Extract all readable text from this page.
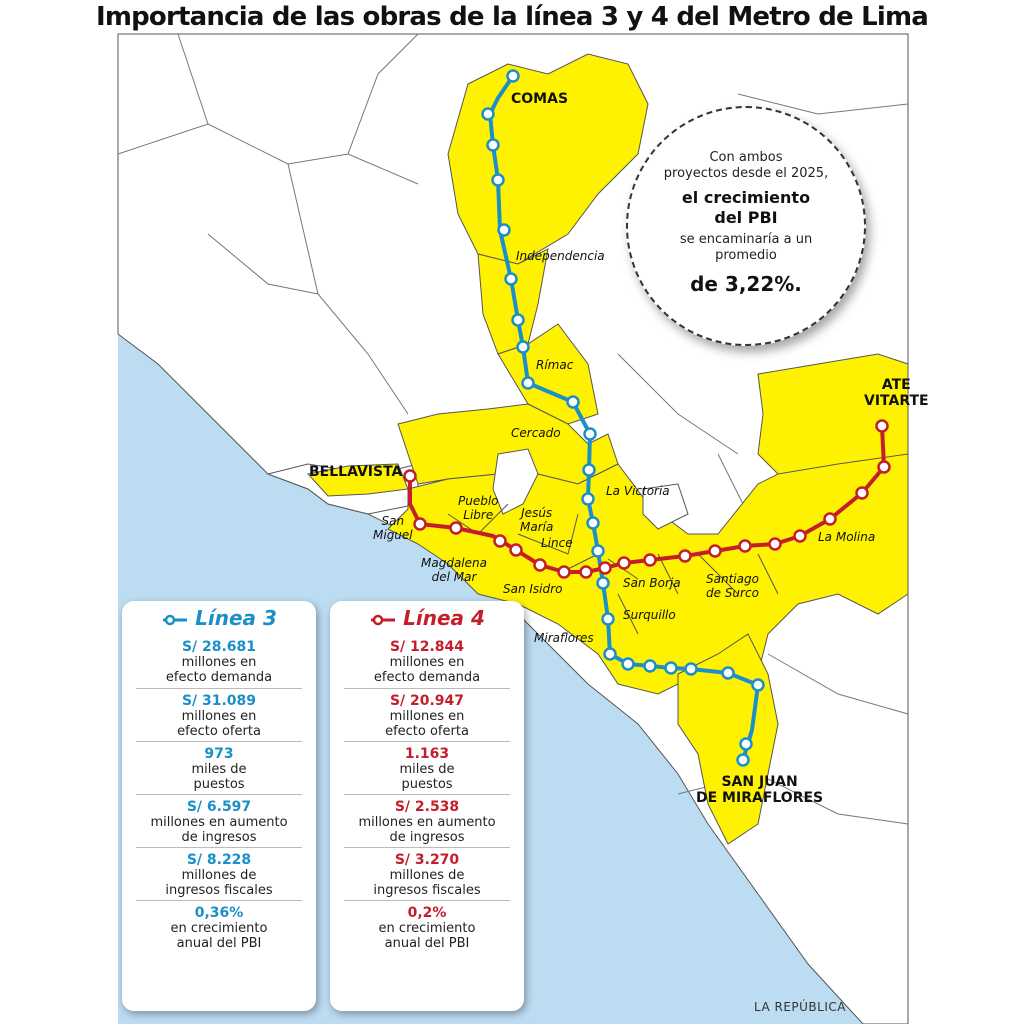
Importancia de las obras de la línea 3 y 4 del Metro de Lima
Independencia
Rímac
Cercado
La Victoria
Pueblo
Libre	Jesús
María
Lince
San
Miguel
Magdalena
del Mar
San Isidro	San Borja Santiago
de Surco
La Molina
Surquillo
Miraflores
COMAS
ATE
VITARTE
BELLAVISTA
SAN JUAN
DE MIRAFLORES
LA REPÚBLICA
Con ambos
proyectos desde el 2025,
el crecimiento
del PBI
se encaminaría a un
promedio
de 3,22%.
Línea 3
S/ 28.681
millones en
efecto demanda
S/ 31.089
millones en
efecto oferta
973
miles de
puestos
S/ 6.597
millones en aumento
de ingresos
S/ 8.228
millones de
ingresos fiscales
0,36%
en crecimiento
anual del PBI
Línea 4
S/ 12.844
millones en
efecto demanda
S/ 20.947
millones en
efecto oferta
1.163
miles de
puestos
S/ 2.538
millones en aumento
de ingresos
S/ 3.270
millones de
ingresos fiscales
0,2%
en crecimiento
anual del PBI
